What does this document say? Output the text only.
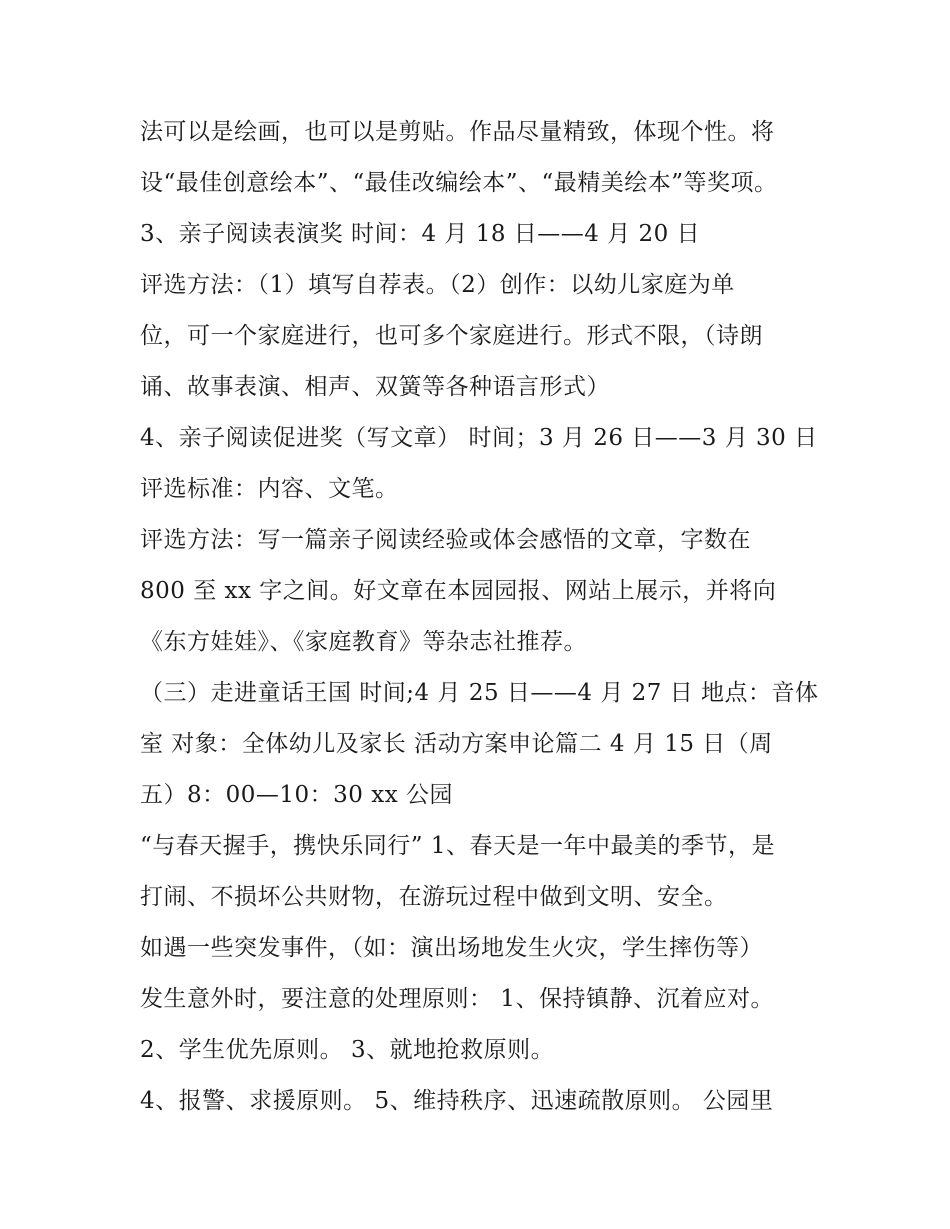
法可以是绘画，也可以是剪贴。作品尽量精致，体现个性。将
设“最佳创意绘本”、“最佳改编绘本”、“最精美绘本”等奖项。
3、亲子阅读表演奖 时间：4 月 18 日——4 月 20 日
评选方法：（1）填写自荐表。（2）创作：以幼儿家庭为单
位，可一个家庭进行，也可多个家庭进行。形式不限，（诗朗
诵、故事表演、相声、双簧等各种语言形式）
4、亲子阅读促进奖（写文章） 时间；3 月 26 日——3 月 30 日
评选标准：内容、文笔。
评选方法：写一篇亲子阅读经验或体会感悟的文章，字数在
800 至 xx 字之间。好文章在本园园报、网站上展示，并将向
《东方娃娃》、《家庭教育》等杂志社推荐。
（三）走进童话王国 时间;4 月 25 日——4 月 27 日 地点：音体
室 对象：全体幼儿及家长 活动方案申论篇二 4 月 15 日（周
五）8：00—10：30 xx 公园
“与春天握手，携快乐同行” 1、春天是一年中最美的季节，是
打闹、不损坏公共财物，在游玩过程中做到文明、安全。
如遇一些突发事件，（如：演出场地发生火灾，学生摔伤等）
发生意外时，要注意的处理原则： 1、保持镇静、沉着应对。
2、学生优先原则。 3、就地抢救原则。
4、报警、求援原则。 5、维持秩序、迅速疏散原则。 公园里
